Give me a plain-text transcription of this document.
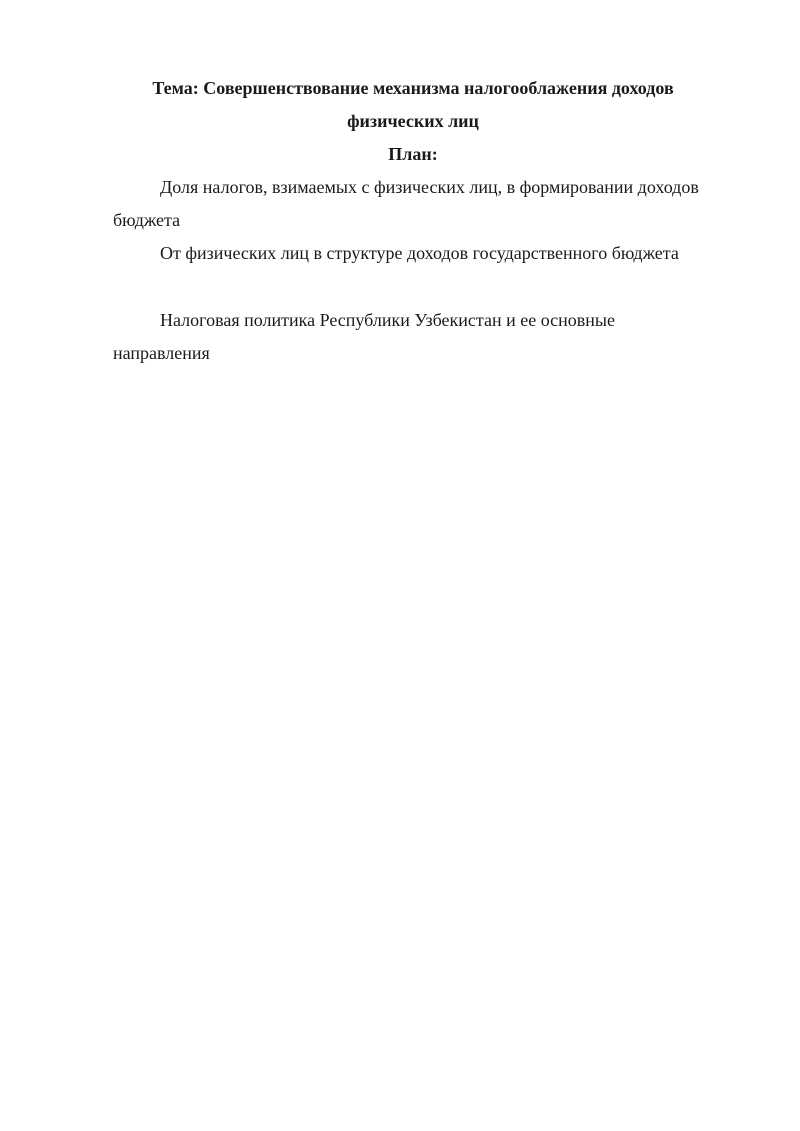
Тема: Совершенствование механизма налогооблажения доходов
физических лиц

План:

Доля налогов, взимаемых с физических лиц, в формировании доходов бюджета

От физических лиц в структуре доходов государственного бюджета

Налоговая политика Республики Узбекистан и ее основные направления
